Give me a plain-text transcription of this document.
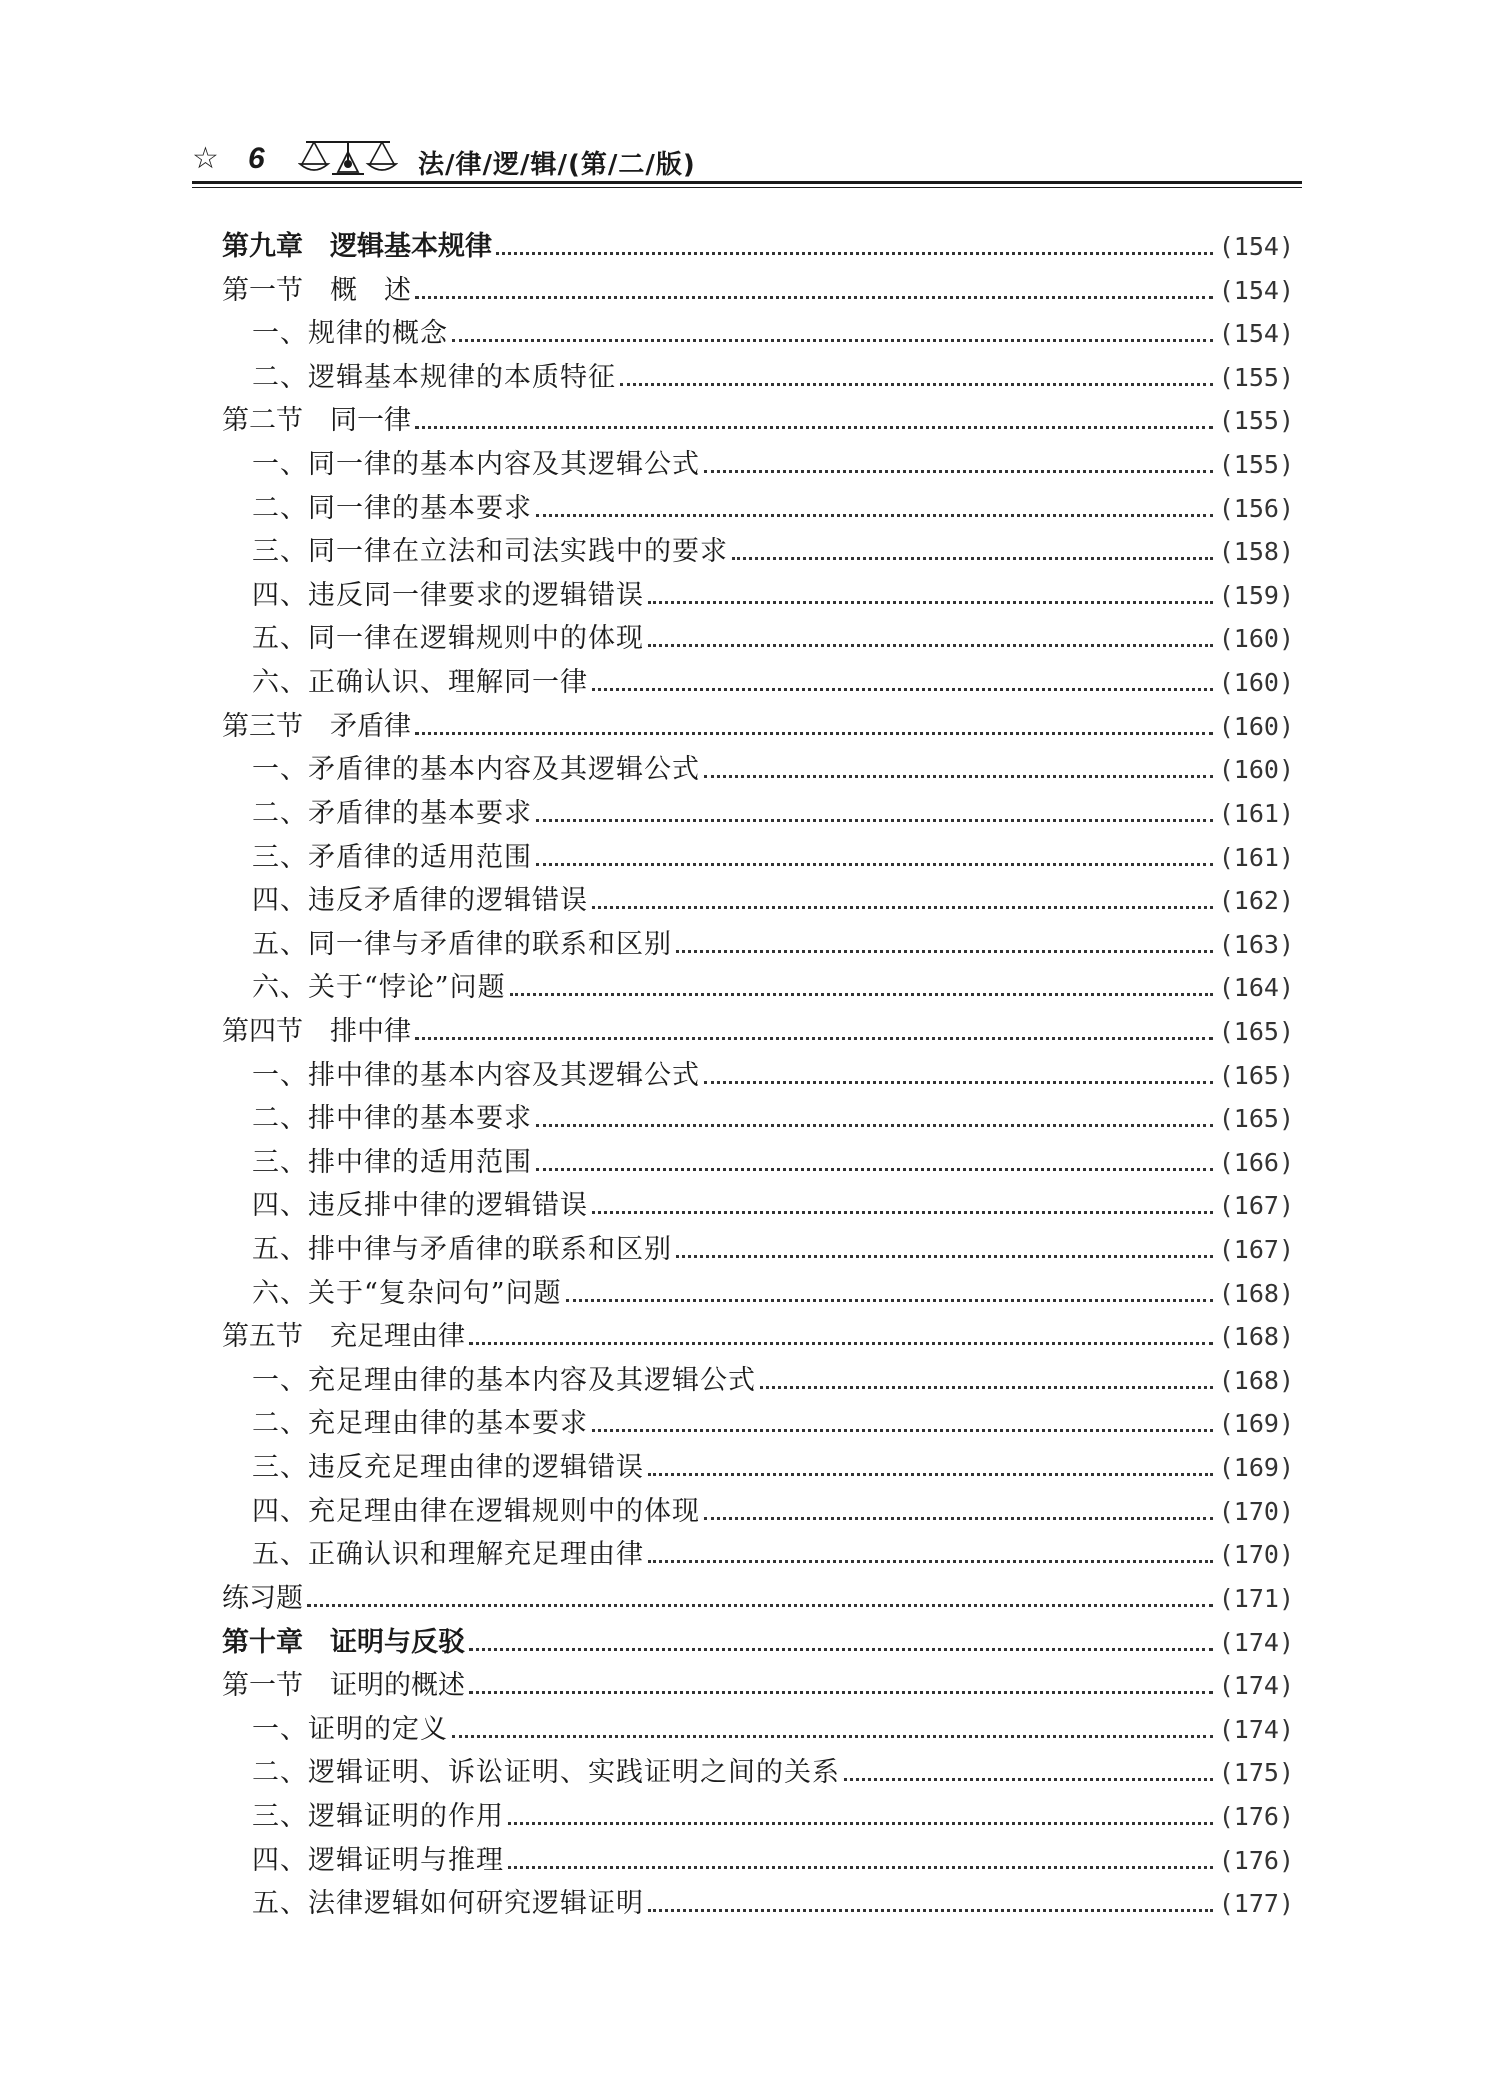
☆ 6	法/律/逻/辑/(第/二/版)
第九章　逻辑基本规律	(154)
第一节　概　述	(154)
一、规律的概念	(154)
二、逻辑基本规律的本质特征	(155)
第二节　同一律	(155)
一、同一律的基本内容及其逻辑公式	(155)
二、同一律的基本要求	(156)
三、同一律在立法和司法实践中的要求	(158)
四、违反同一律要求的逻辑错误	(159)
五、同一律在逻辑规则中的体现	(160)
六、正确认识、理解同一律	(160)
第三节　矛盾律	(160)
一、矛盾律的基本内容及其逻辑公式	(160)
二、矛盾律的基本要求	(161)
三、矛盾律的适用范围	(161)
四、违反矛盾律的逻辑错误	(162)
五、同一律与矛盾律的联系和区别	(163)
六、关于“悖论”问题	(164)
第四节　排中律	(165)
一、排中律的基本内容及其逻辑公式	(165)
二、排中律的基本要求	(165)
三、排中律的适用范围	(166)
四、违反排中律的逻辑错误	(167)
五、排中律与矛盾律的联系和区别	(167)
六、关于“复杂问句”问题	(168)
第五节　充足理由律	(168)
一、充足理由律的基本内容及其逻辑公式	(168)
二、充足理由律的基本要求	(169)
三、违反充足理由律的逻辑错误	(169)
四、充足理由律在逻辑规则中的体现	(170)
五、正确认识和理解充足理由律	(170)
练习题	(171)
第十章　证明与反驳	(174)
第一节　证明的概述	(174)
一、证明的定义	(174)
二、逻辑证明、诉讼证明、实践证明之间的关系	(175)
三、逻辑证明的作用	(176)
四、逻辑证明与推理	(176)
五、法律逻辑如何研究逻辑证明	(177)
